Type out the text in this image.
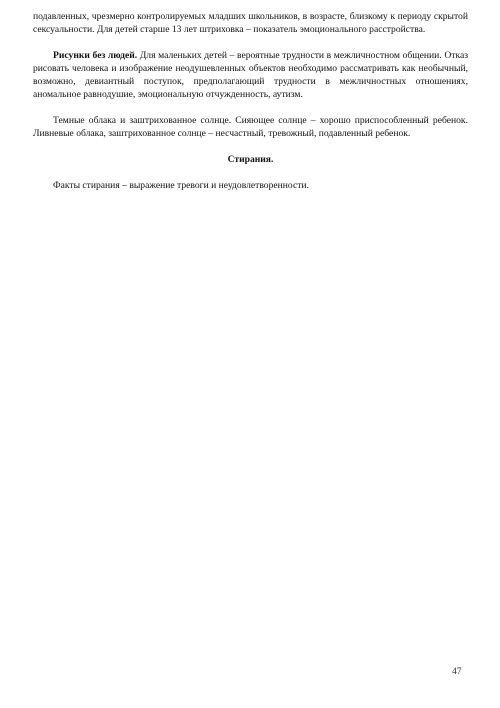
подавленных, чрезмерно контролируемых младших школьников, в возрасте, близкому к периоду скрытой сексуальности. Для детей старше 13 лет штриховка – показатель эмоционального расстройства.

Рисунки без людей. Для маленьких детей – вероятные трудности в межличностном общении. Отказ рисовать человека и изображение неодушевленных объектов необходимо рассматривать как необычный, возможно, девиантный поступок, предполагающий трудности в межличностных отношениях, аномальное равнодушие, эмоциональную отчужденность, аутизм.

Темные облака и заштрихованное солнце. Сияющее солнце – хорошо приспособленный ребенок. Ливневые облака, заштрихованное солнце – несчастный, тревожный, подавленный ребенок.

Стирания.

Факты стирания – выражение тревоги и неудовлетворенности.

47
